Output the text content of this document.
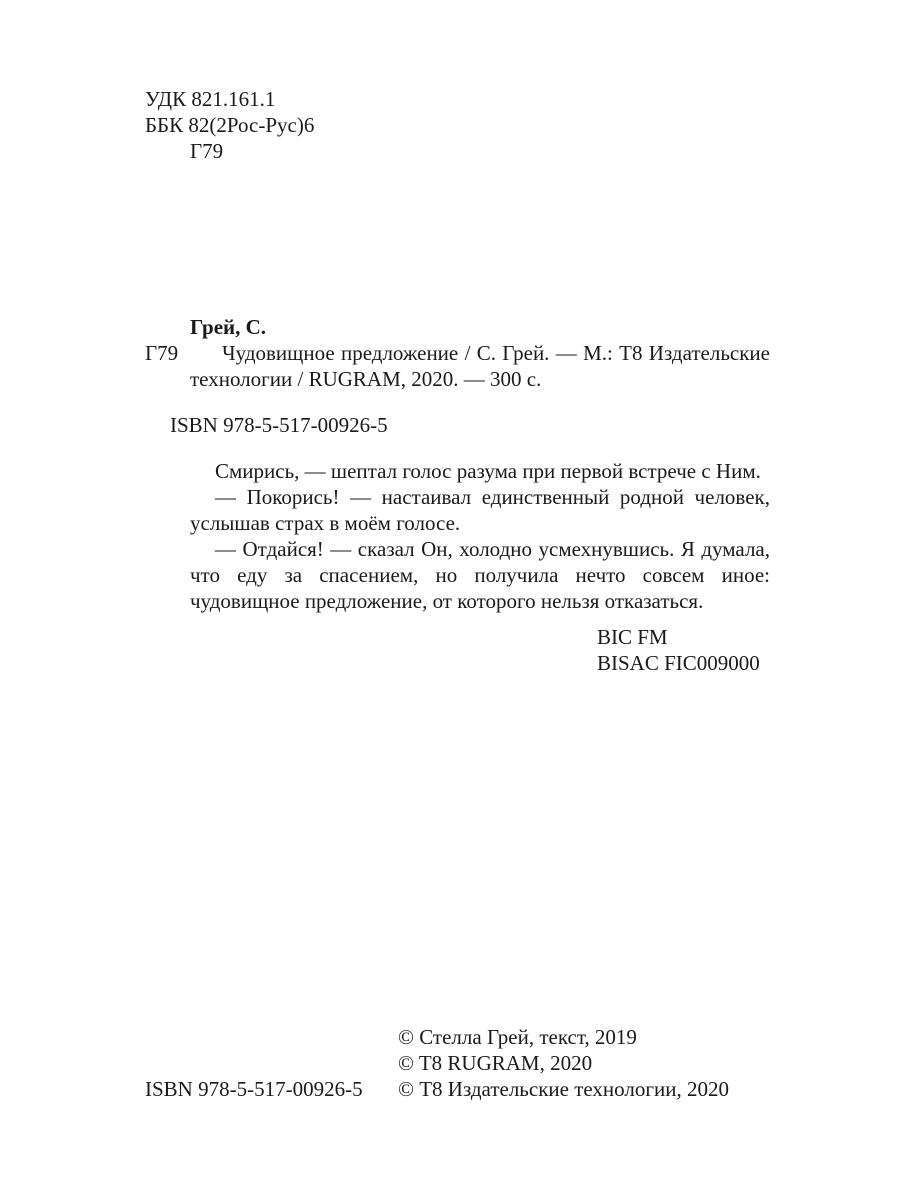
УДК 821.161.1
ББК 82(2Рос-Рус)6
Г79
Грей, С.
Г79 Чудовищное предложение / С. Грей. — М.: Т8 Издательские
технологии / RUGRAM, 2020. — 300 с.
ISBN 978-5-517-00926-5

Смирись, — шептал голос разума при первой встрече с Ним.

— Покорись! — настаивал единственный родной человек, услышав страх в моём голосе.

— Отдайся! — сказал Он, холодно усмехнувшись. Я думала, что еду за спасением, но получила нечто совсем иное: чудовищное предложение, от которого нельзя отказаться.

BIC FM
BISAC FIC009000
© Стелла Грей, текст, 2019
© T8 RUGRAM, 2020
ISBN 978-5-517-00926-5 © Т8 Издательские технологии, 2020
